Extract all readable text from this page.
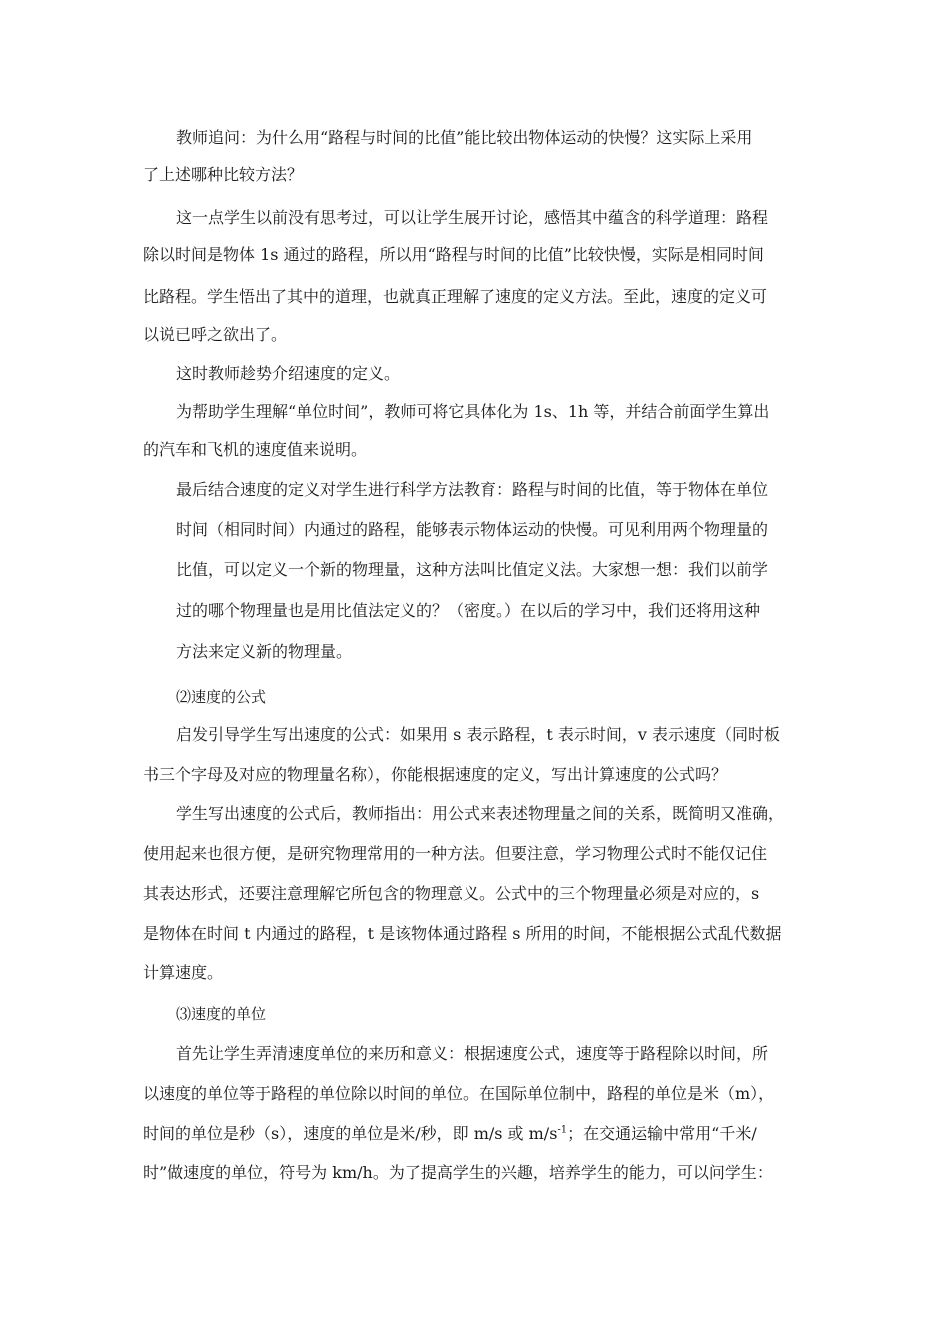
教师追问：为什么用“路程与时间的比值”能比较出物体运动的快慢？这实际上采用
了上述哪种比较方法？
这一点学生以前没有思考过，可以让学生展开讨论，感悟其中蕴含的科学道理：路程
除以时间是物体 1s 通过的路程，所以用“路程与时间的比值”比较快慢，实际是相同时间
比路程。学生悟出了其中的道理，也就真正理解了速度的定义方法。至此，速度的定义可
以说已呼之欲出了。
这时教师趁势介绍速度的定义。
为帮助学生理解“单位时间”，教师可将它具体化为 1s、1h 等，并结合前面学生算出
的汽车和飞机的速度值来说明。
最后结合速度的定义对学生进行科学方法教育：路程与时间的比值，等于物体在单位
时间（相同时间）内通过的路程，能够表示物体运动的快慢。可见利用两个物理量的
比值，可以定义一个新的物理量，这种方法叫比值定义法。大家想一想：我们以前学
过的哪个物理量也是用比值法定义的？（密度。）在以后的学习中，我们还将用这种
方法来定义新的物理量。
⑵速度的公式
启发引导学生写出速度的公式：如果用 s 表示路程，t 表示时间，v 表示速度（同时板
书三个字母及对应的物理量名称），你能根据速度的定义，写出计算速度的公式吗？
学生写出速度的公式后，教师指出：用公式来表述物理量之间的关系，既简明又准确，
使用起来也很方便，是研究物理常用的一种方法。但要注意，学习物理公式时不能仅记住
其表达形式，还要注意理解它所包含的物理意义。公式中的三个物理量必须是对应的，s
是物体在时间 t 内通过的路程，t 是该物体通过路程 s 所用的时间，不能根据公式乱代数据
计算速度。
⑶速度的单位
首先让学生弄清速度单位的来历和意义：根据速度公式，速度等于路程除以时间，所
以速度的单位等于路程的单位除以时间的单位。在国际单位制中，路程的单位是米（m），
时间的单位是秒（s），速度的单位是米/秒，即 m/s 或 $m/s^{-1}$；在交通运输中常用“千米/
时”做速度的单位，符号为 km/h。为了提高学生的兴趣，培养学生的能力，可以问学生：
